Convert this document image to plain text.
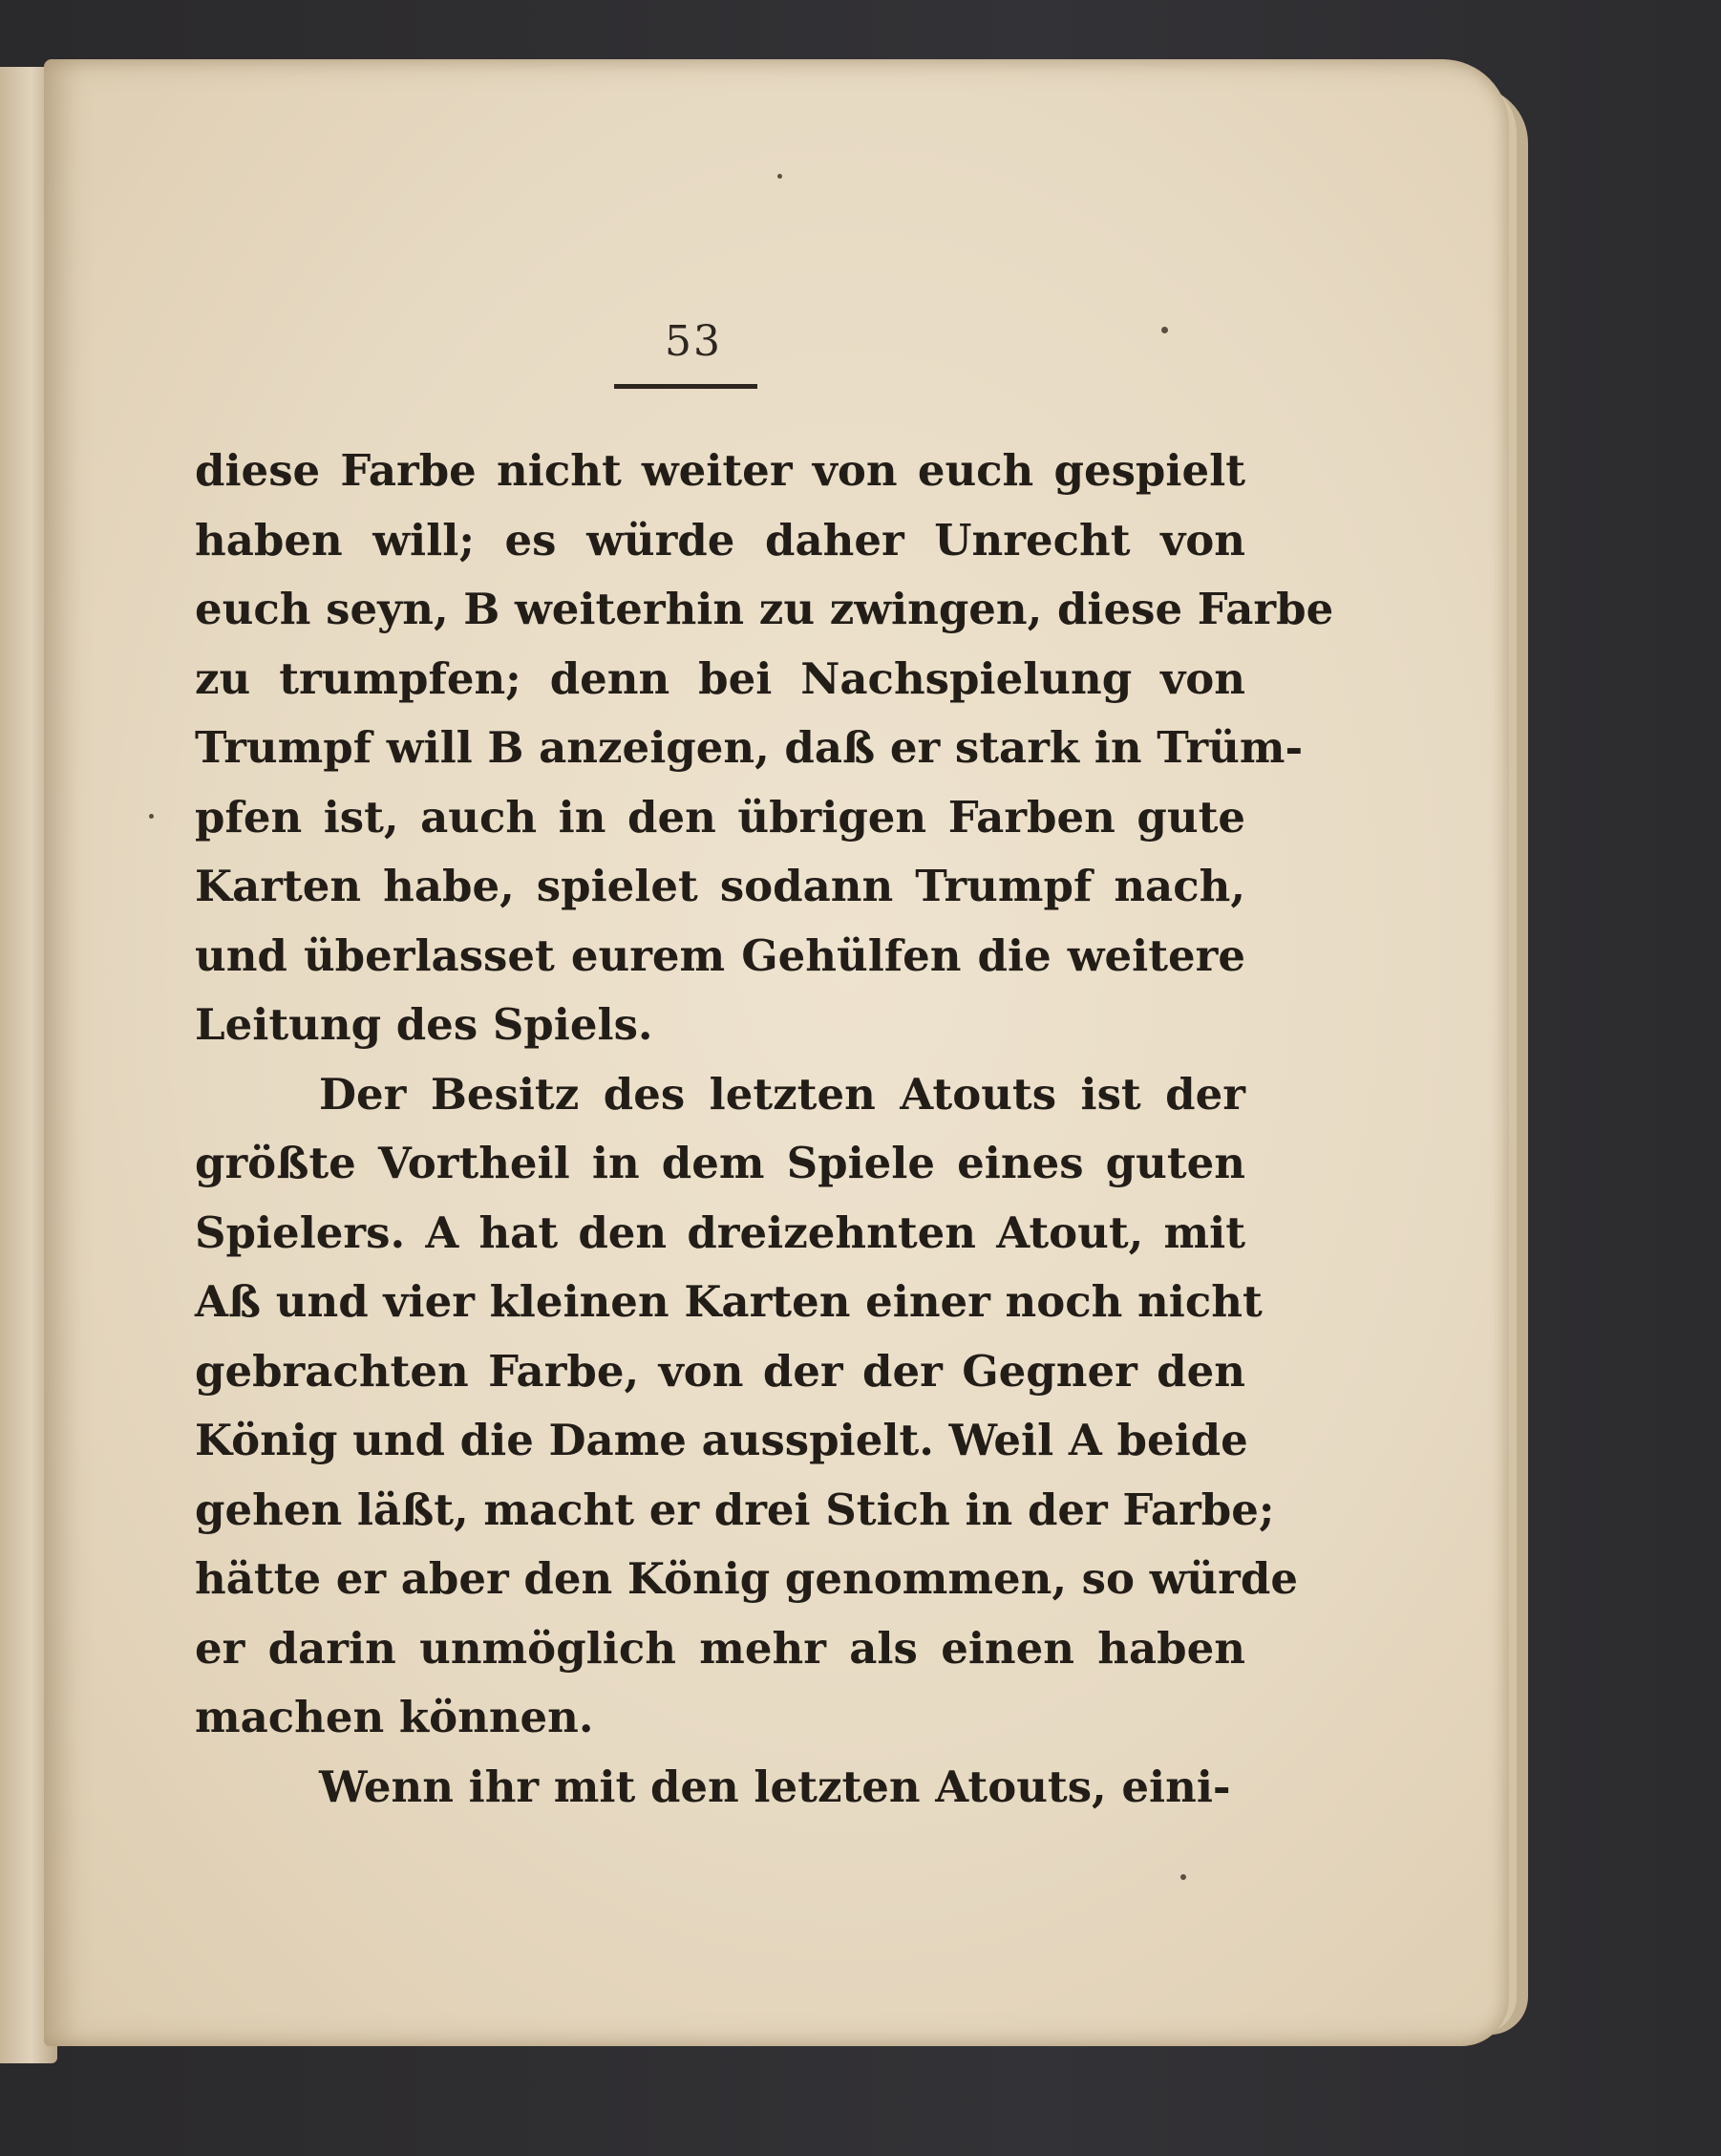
53
diese Farbe nicht weiter von euch gespielt
haben will; es würde daher Unrecht von
euch seyn, B weiterhin zu zwingen, diese Farbe
zu trumpfen; denn bei Nachspielung von
Trumpf will B anzeigen, daß er stark in Trüm-
pfen ist, auch in den übrigen Farben gute
Karten habe, spielet sodann Trumpf nach,
und überlasset eurem Gehülfen die weitere
Leitung des Spiels.
Der Besitz des letzten Atouts ist der
größte Vortheil in dem Spiele eines guten
Spielers. A hat den dreizehnten Atout, mit
Aß und vier kleinen Karten einer noch nicht
gebrachten Farbe, von der der Gegner den
König und die Dame ausspielt. Weil A beide
gehen läßt, macht er drei Stich in der Farbe;
hätte er aber den König genommen, so würde
er darin unmöglich mehr als einen haben
machen können.
Wenn ihr mit den letzten Atouts, eini-
